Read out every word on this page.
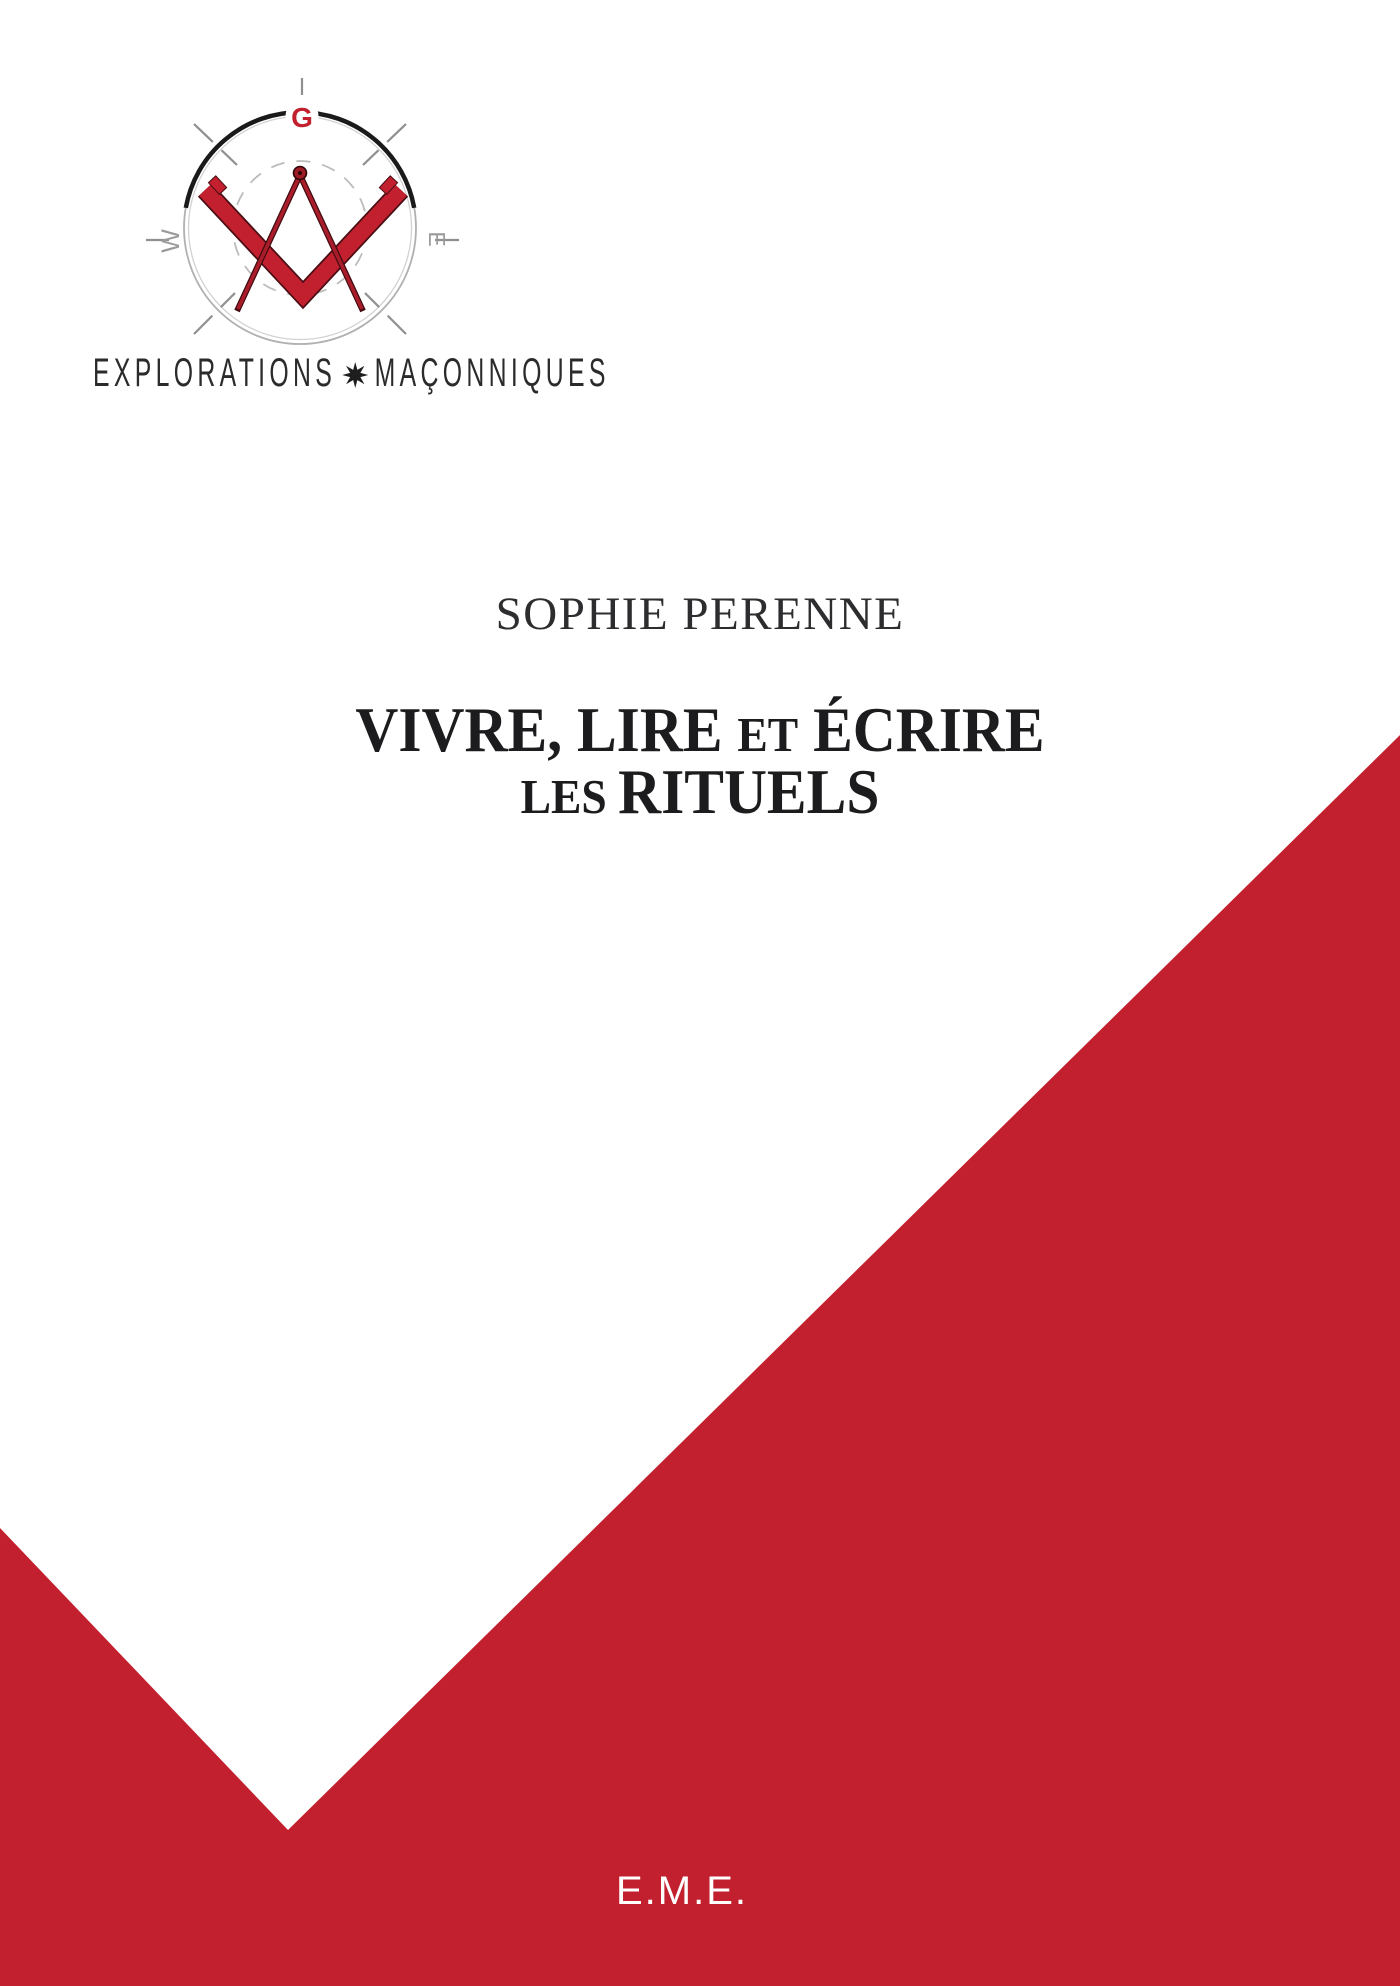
G
W	E
EXPLORATIONS MAÇONNIQUES
SOPHIE PERENNE
VIVRE, LIRE ET ÉCRIRE
LES RITUELS
E.M.E.
